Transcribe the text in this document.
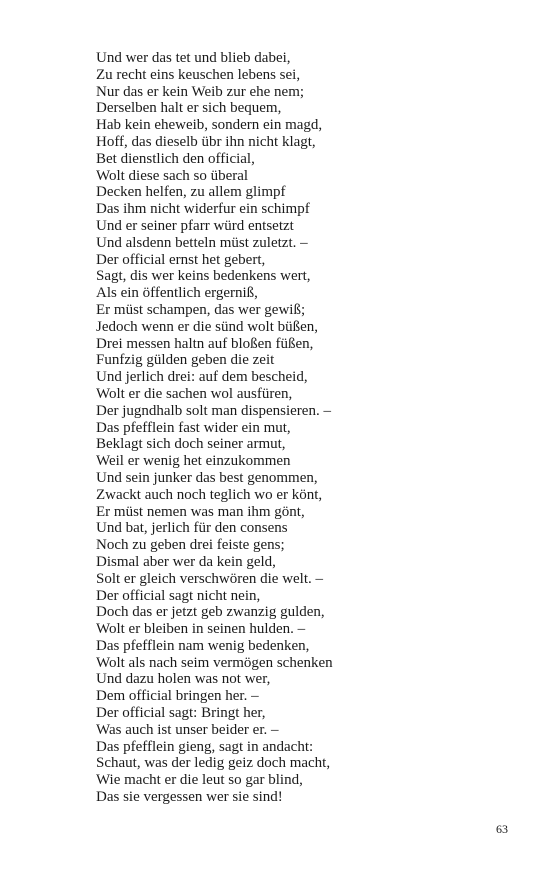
Und wer das tet und blieb dabei,
Zu recht eins keuschen lebens sei,
Nur das er kein Weib zur ehe nem;
Derselben halt er sich bequem,
Hab kein eheweib, sondern ein magd,
Hoff, das dieselb übr ihn nicht klagt,
Bet dienstlich den official,
Wolt diese sach so überal
Decken helfen, zu allem glimpf
Das ihm nicht widerfur ein schimpf
Und er seiner pfarr würd entsetzt
Und alsdenn betteln müst zuletzt. –
Der official ernst het gebert,
Sagt, dis wer keins bedenkens wert,
Als ein öffentlich ergerniß,
Er müst schampen, das wer gewiß;
Jedoch wenn er die sünd wolt büßen,
Drei messen haltn auf bloßen füßen,
Funfzig gülden geben die zeit
Und jerlich drei: auf dem bescheid,
Wolt er die sachen wol ausfüren,
Der jugndhalb solt man dispensieren. –
Das pfefflein fast wider ein mut,
Beklagt sich doch seiner armut,
Weil er wenig het einzukommen
Und sein junker das best genommen,
Zwackt auch noch teglich wo er könt,
Er müst nemen was man ihm gönt,
Und bat, jerlich für den consens
Noch zu geben drei feiste gens;
Dismal aber wer da kein geld,
Solt er gleich verschwören die welt. –
Der official sagt nicht nein,
Doch das er jetzt geb zwanzig gulden,
Wolt er bleiben in seinen hulden. –
Das pfefflein nam wenig bedenken,
Wolt als nach seim vermögen schenken
Und dazu holen was not wer,
Dem official bringen her. –
Der official sagt: Bringt her,
Was auch ist unser beider er. –
Das pfefflein gieng, sagt in andacht:
Schaut, was der ledig geiz doch macht,
Wie macht er die leut so gar blind,
Das sie vergessen wer sie sind!
63
